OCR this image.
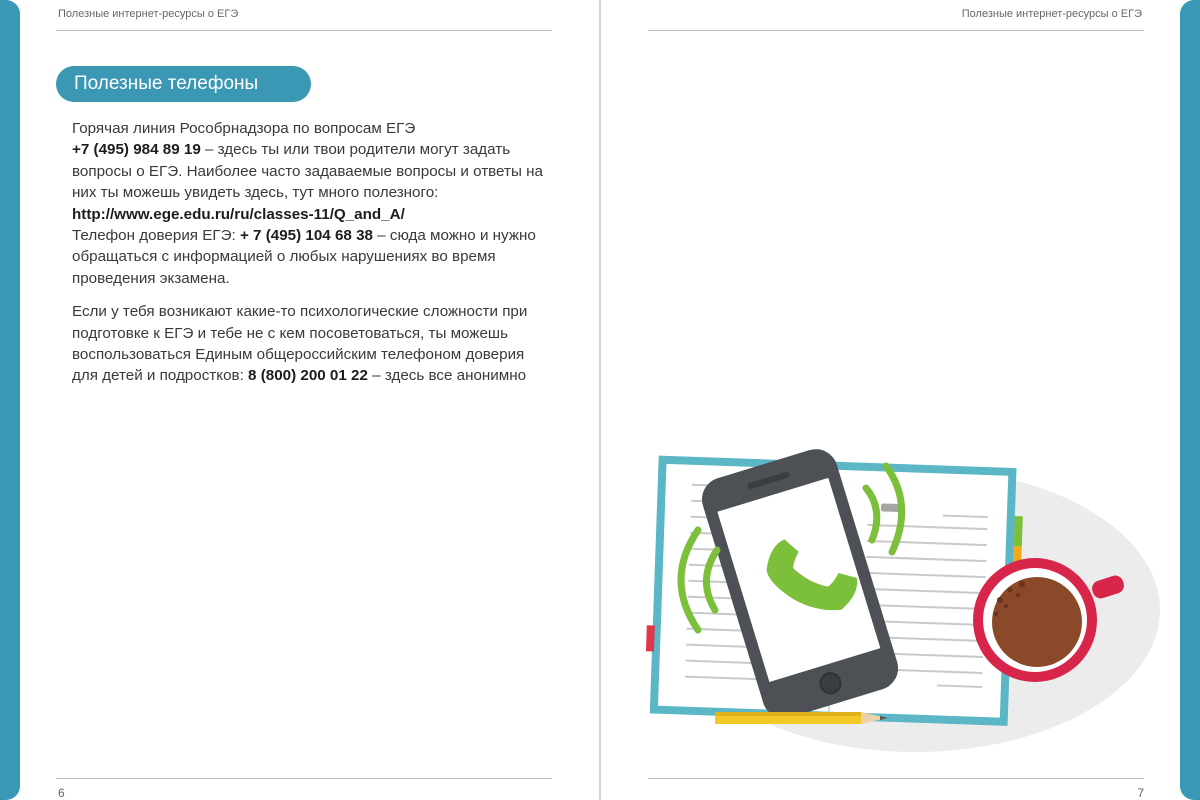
Полезные интернет-ресурсы о ЕГЭ	Полезные интернет-ресурсы о ЕГЭ
Полезные телефоны

Горячая линия Рособрнадзора по вопросам ЕГЭ
+7 (495) 984 89 19 – здесь ты или твои родители могут задать вопросы о ЕГЭ. Наиболее часто задаваемые вопросы и ответы на них ты можешь увидеть здесь, тут много полезного: http://www.ege.edu.ru/ru/classes-11/Q_and_A/
Телефон доверия ЕГЭ: + 7 (495) 104 68 38 – сюда можно и нужно обращаться с информацией о любых нарушениях во время проведения экзамена.

Если у тебя возникают какие-то психологические сложности при подготовке к ЕГЭ и тебе не с кем посоветоваться, ты можешь воспользоваться Единым общероссийским телефоном доверия для детей и подростков: 8 (800) 200 01 22 – здесь все анонимно

6	7
